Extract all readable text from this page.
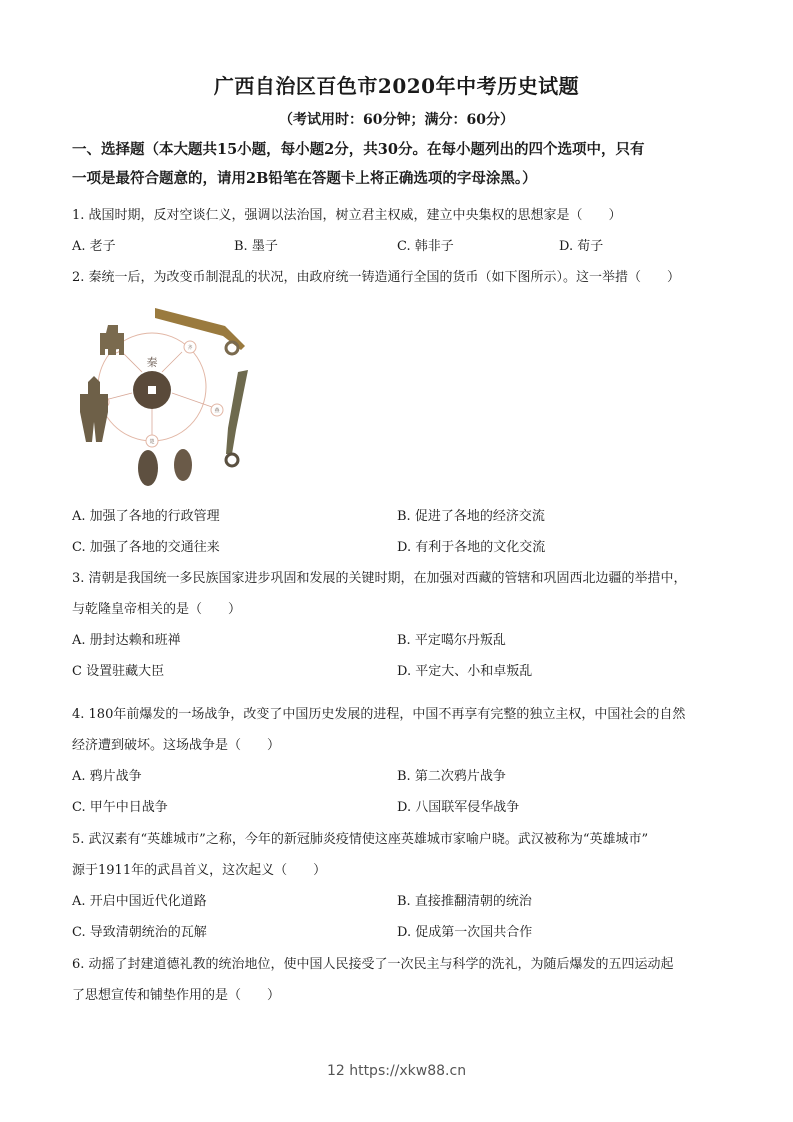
广西自治区百色市2020年中考历史试题
（考试用时：60分钟；满分：60分）
一、选择题（本大题共15小题，每小题2分，共30分。在每小题列出的四个选项中，只有
一项是最符合题意的，请用2B铅笔在答题卡上将正确选项的字母涂黑。）
1. 战国时期，反对空谈仁义，强调以法治国，树立君主权威，建立中央集权的思想家是（　　）
A. 老子	B. 墨子	C. 韩非子	D. 荀子
2. 秦统一后，为改变币制混乱的状况，由政府统一铸造通行全国的货币（如下图所示）。这一举措（　　）
齐
燕
楚
秦
A. 加强了各地的行政管理	B. 促进了各地的经济交流
C. 加强了各地的交通往来	D. 有利于各地的文化交流
3. 清朝是我国统一多民族国家进步巩固和发展的关键时期，在加强对西藏的管辖和巩固西北边疆的举措中，
与乾隆皇帝相关的是（　　）
A. 册封达赖和班禅	B. 平定噶尔丹叛乱
C 设置驻藏大臣	D. 平定大、小和卓叛乱
4. 180年前爆发的一场战争，改变了中国历史发展的进程，中国不再享有完整的独立主权，中国社会的自然
经济遭到破坏。这场战争是（　　）
A. 鸦片战争	B. 第二次鸦片战争
C. 甲午中日战争	D. 八国联军侵华战争
5. 武汉素有“英雄城市”之称，今年的新冠肺炎疫情使这座英雄城市家喻户晓。武汉被称为“英雄城市”
源于1911年的武昌首义，这次起义（　　）
A. 开启中国近代化道路	B. 直接推翻清朝的统治
C. 导致清朝统治的瓦解	D. 促成第一次国共合作
6. 动摇了封建道德礼教的统治地位，使中国人民接受了一次民主与科学的洗礼，为随后爆发的五四运动起
了思想宣传和铺垫作用的是（　　）
12 https://xkw88.cn
